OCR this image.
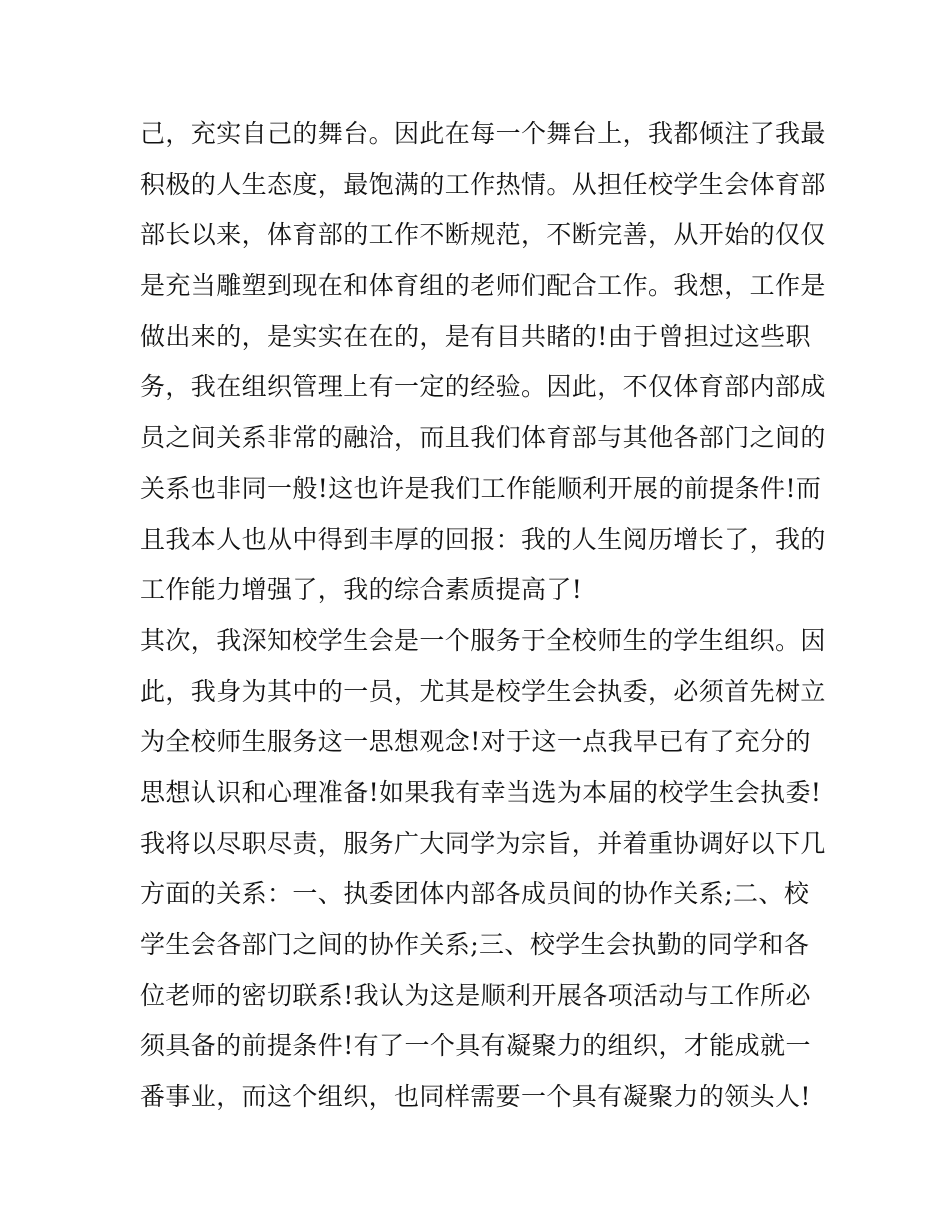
己，充实自己的舞台。因此在每一个舞台上，我都倾注了我最
积极的人生态度，最饱满的工作热情。从担任校学生会体育部
部长以来，体育部的工作不断规范，不断完善，从开始的仅仅
是充当雕塑到现在和体育组的老师们配合工作。我想，工作是
做出来的，是实实在在的，是有目共睹的!由于曾担过这些职
务，我在组织管理上有一定的经验。因此，不仅体育部内部成
员之间关系非常的融洽，而且我们体育部与其他各部门之间的
关系也非同一般!这也许是我们工作能顺利开展的前提条件!而
且我本人也从中得到丰厚的回报：我的人生阅历增长了，我的
工作能力增强了，我的综合素质提高了!
其次，我深知校学生会是一个服务于全校师生的学生组织。因
此，我身为其中的一员，尤其是校学生会执委，必须首先树立
为全校师生服务这一思想观念!对于这一点我早已有了充分的
思想认识和心理准备!如果我有幸当选为本届的校学生会执委!
我将以尽职尽责，服务广大同学为宗旨，并着重协调好以下几
方面的关系：一、执委团体内部各成员间的协作关系;二、校
学生会各部门之间的协作关系;三、校学生会执勤的同学和各
位老师的密切联系!我认为这是顺利开展各项活动与工作所必
须具备的前提条件!有了一个具有凝聚力的组织，才能成就一
番事业，而这个组织，也同样需要一个具有凝聚力的领头人!
